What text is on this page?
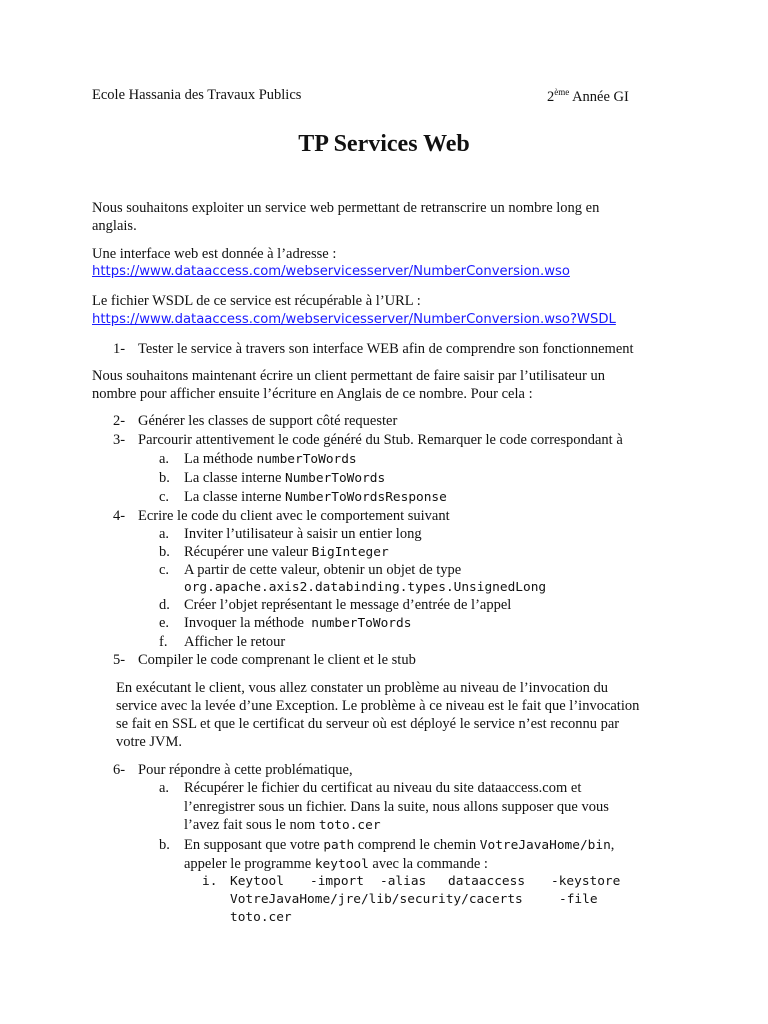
Ecole Hassania des Travaux Publics	2ème Année GI
TP Services Web
Nous souhaitons exploiter un service web permettant de retranscrire un nombre long en
anglais.
Une interface web est donnée à l’adresse :
https://www.dataaccess.com/webservicesserver/NumberConversion.wso
Le fichier WSDL de ce service est récupérable à l’URL :
https://www.dataaccess.com/webservicesserver/NumberConversion.wso?WSDL
1- Tester le service à travers son interface WEB afin de comprendre son fonctionnement
Nous souhaitons maintenant écrire un client permettant de faire saisir par l’utilisateur un
nombre pour afficher ensuite l’écriture en Anglais de ce nombre. Pour cela :
2- Générer les classes de support côté requester
3- Parcourir attentivement le code généré du Stub. Remarquer le code correspondant à
a. La méthode numberToWords
b. La classe interne NumberToWords
c. La classe interne NumberToWordsResponse
4- Ecrire le code du client avec le comportement suivant
a. Inviter l’utilisateur à saisir un entier long
b. Récupérer une valeur BigInteger
c. A partir de cette valeur, obtenir un objet de type
org.apache.axis2.databinding.types.UnsignedLong
d. Créer l’objet représentant le message d’entrée de l’appel
e. Invoquer la méthode  numberToWords
f. Afficher le retour
5- Compiler le code comprenant le client et le stub
En exécutant le client, vous allez constater un problème au niveau de l’invocation du
service avec la levée d’une Exception. Le problème à ce niveau est le fait que l’invocation
se fait en SSL et que le certificat du serveur où est déployé le service n’est reconnu par
votre JVM.
6- Pour répondre à cette problématique,
a. Récupérer le fichier du certificat au niveau du site dataaccess.com et
l’enregistrer sous un fichier. Dans la suite, nous allons supposer que vous
l’avez fait sous le nom toto.cer
b. En supposant que votre path comprend le chemin VotreJavaHome/bin,
appeler le programme keytool avec la commande :
i. Keytool -import -alias dataaccess -keystore
VotreJavaHome/jre/lib/security/cacerts	-file
toto.cer
